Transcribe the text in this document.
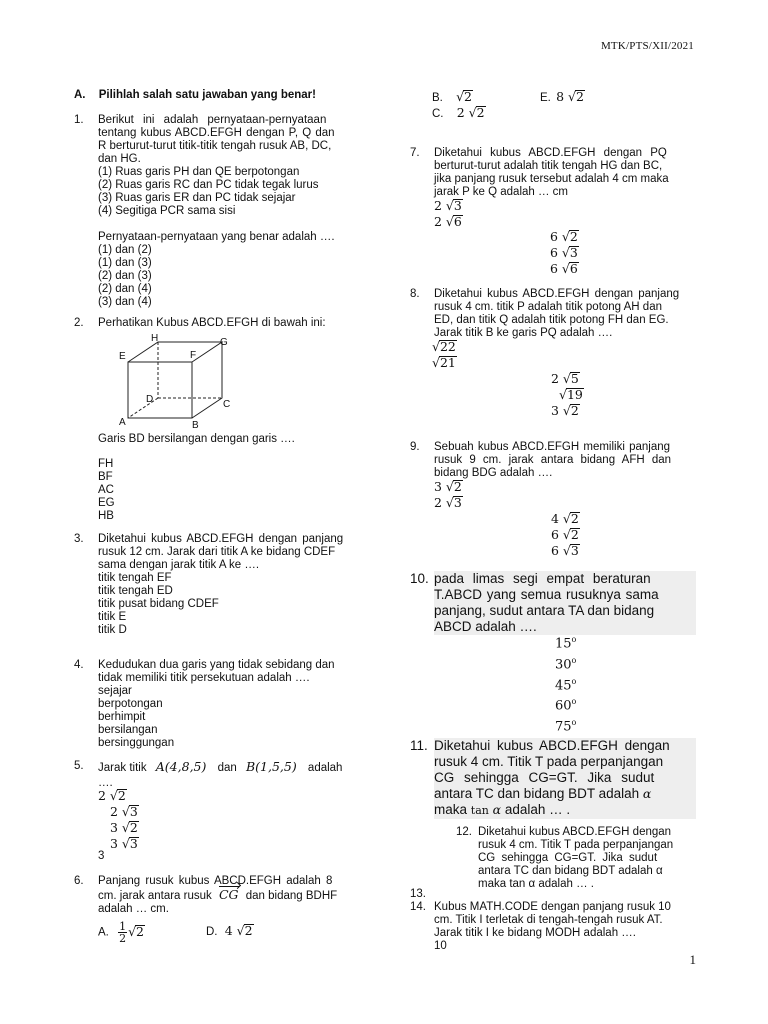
MTK/PTS/XII/2021
1
A. Pilihlah salah satu jawaban yang benar!
1. Berikut ini adalah pernyataan-pernyataan
tentang kubus ABCD.EFGH dengan P, Q dan
R berturut-turut titik-titik tengah rusuk AB, DC,
dan HG.
(1) Ruas garis PH dan QE berpotongan
(2) Ruas garis RC dan PC tidak tegak lurus
(3) Ruas garis ER dan PC tidak sejajar
(4) Segitiga PCR sama sisi
Pernyataan-pernyataan yang benar adalah ….
(1) dan (2)
(1) dan (3)
(2) dan (3)
(2) dan (4)
(3) dan (4)
2. Perhatikan Kubus ABCD.EFGH di bawah ini:
H	G
E	F
D	C
A	B
Garis BD bersilangan dengan garis ….
FH
BF
AC
EG
HB
3. Diketahui kubus ABCD.EFGH dengan panjang
rusuk 12 cm. Jarak dari titik A ke bidang CDEF
sama dengan jarak titik A ke ….
titik tengah EF
titik tengah ED
titik pusat bidang CDEF
titik E
titik D
4. Kedudukan dua garis yang tidak sebidang dan
tidak memiliki titik persekutuan adalah ….
sejajar
berpotongan
berhimpit
bersilangan
bersinggungan
5. Jarak titik A(4,8,5) dan B(1,5,5) adalah
….
2 √2
2 √3
3 √2
3 √3
3
6. Panjang rusuk kubus ABCD.EFGH adalah 8
cm. jarak antara rusuk CG dan bidang BDHF
adalah … cm.
A. $\frac{1}{2} √2$	D. 4 √2
B. √2	E. 8 √2
C. 2 √2
7. Diketahui kubus ABCD.EFGH dengan PQ
berturut-turut adalah titik tengah HG dan BC,
jika panjang rusuk tersebut adalah 4 cm maka
jarak P ke Q adalah … cm
2 √3
2 √6
6 √2
6 √3
6 √6
8. Diketahui kubus ABCD.EFGH dengan panjang
rusuk 4 cm. titik P adalah titik potong AH dan
ED, dan titik Q adalah titik potong FH dan EG.
Jarak titik B ke garis PQ adalah ….
√22
√21
2 √5
√19
3 √2
9. Sebuah kubus ABCD.EFGH memiliki panjang
rusuk 9 cm. jarak antara bidang AFH dan
bidang BDG adalah ….
3 √2
2 √3
4 √2
6 √2
6 √3
10. pada limas segi empat beraturan
T.ABCD yang semua rusuknya sama
panjang, sudut antara TA dan bidang
ABCD adalah ….
15$^o$
30$^o$
45$^o$
60$^o$
75$^o$
11. Diketahui kubus ABCD.EFGH dengan
rusuk 4 cm. Titik T pada perpanjangan
CG sehingga CG=GT. Jika sudut
antara TC dan bidang BDT adalah α
maka tan α adalah … .
12. Diketahui kubus ABCD.EFGH dengan
rusuk 4 cm. Titik T pada perpanjangan
CG sehingga CG=GT. Jika sudut
antara TC dan bidang BDT adalah α
maka tan α adalah … .
13.
14. Kubus MATH.CODE dengan panjang rusuk 10
cm. Titik I terletak di tengah-tengah rusuk AT.
Jarak titik I ke bidang MODH adalah ….
10
